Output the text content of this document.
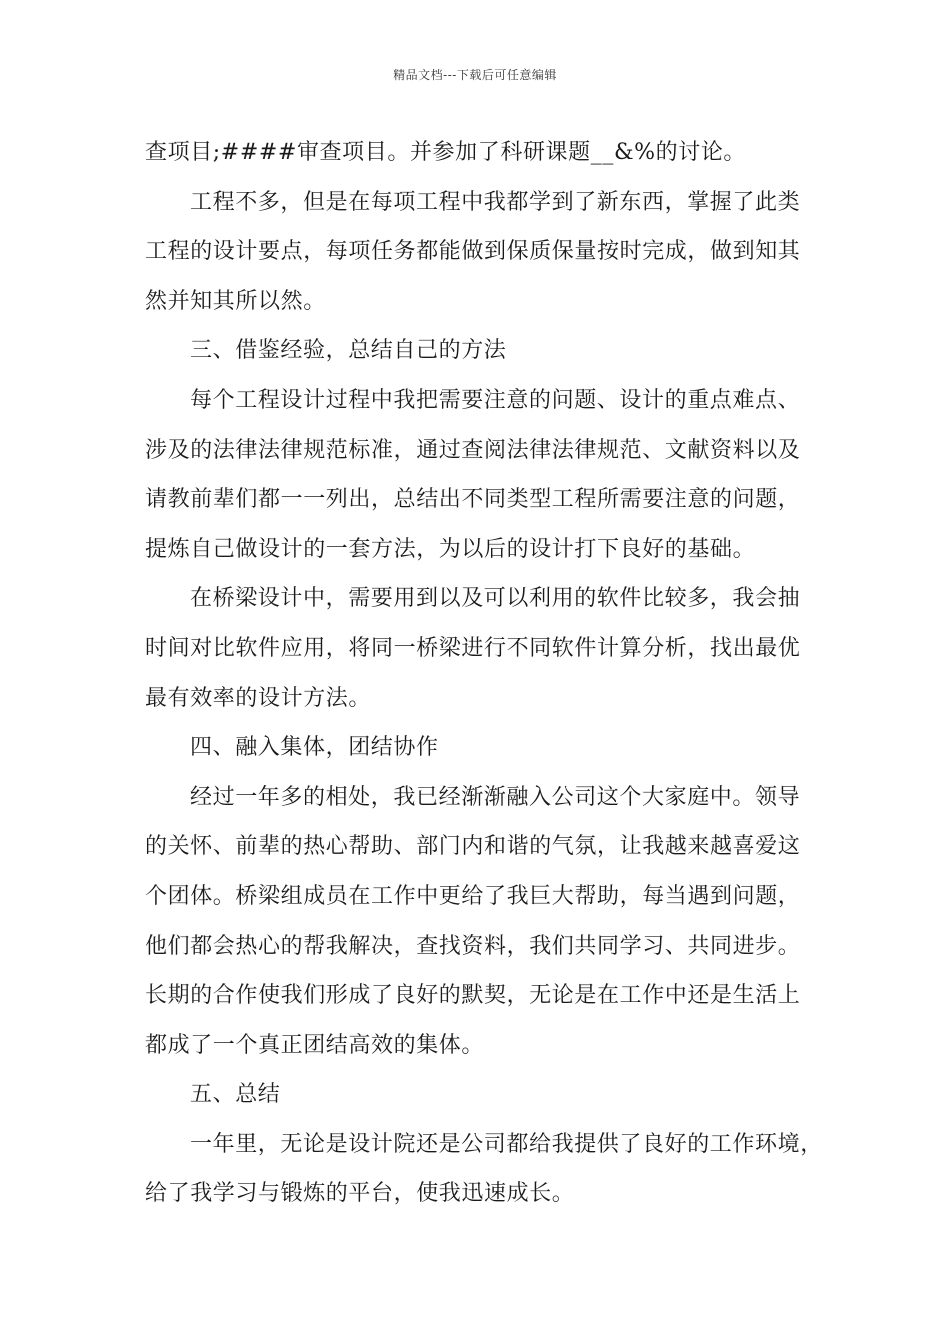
精品文档---下载后可任意编辑
查项目;####审查项目。并参加了科研课题__&%的讨论。
工程不多，但是在每项工程中我都学到了新东西，掌握了此类
工程的设计要点，每项任务都能做到保质保量按时完成，做到知其
然并知其所以然。
三、借鉴经验，总结自己的方法
每个工程设计过程中我把需要注意的问题、设计的重点难点、
涉及的法律法律规范标准，通过查阅法律法律规范、文献资料以及
请教前辈们都一一列出，总结出不同类型工程所需要注意的问题，
提炼自己做设计的一套方法，为以后的设计打下良好的基础。
在桥梁设计中，需要用到以及可以利用的软件比较多，我会抽
时间对比软件应用，将同一桥梁进行不同软件计算分析，找出最优
最有效率的设计方法。
四、融入集体，团结协作
经过一年多的相处，我已经渐渐融入公司这个大家庭中。领导
的关怀、前辈的热心帮助、部门内和谐的气氛，让我越来越喜爱这
个团体。桥梁组成员在工作中更给了我巨大帮助，每当遇到问题，
他们都会热心的帮我解决，查找资料，我们共同学习、共同进步。
长期的合作使我们形成了良好的默契，无论是在工作中还是生活上
都成了一个真正团结高效的集体。
五、总结
一年里，无论是设计院还是公司都给我提供了良好的工作环境，
给了我学习与锻炼的平台，使我迅速成长。
